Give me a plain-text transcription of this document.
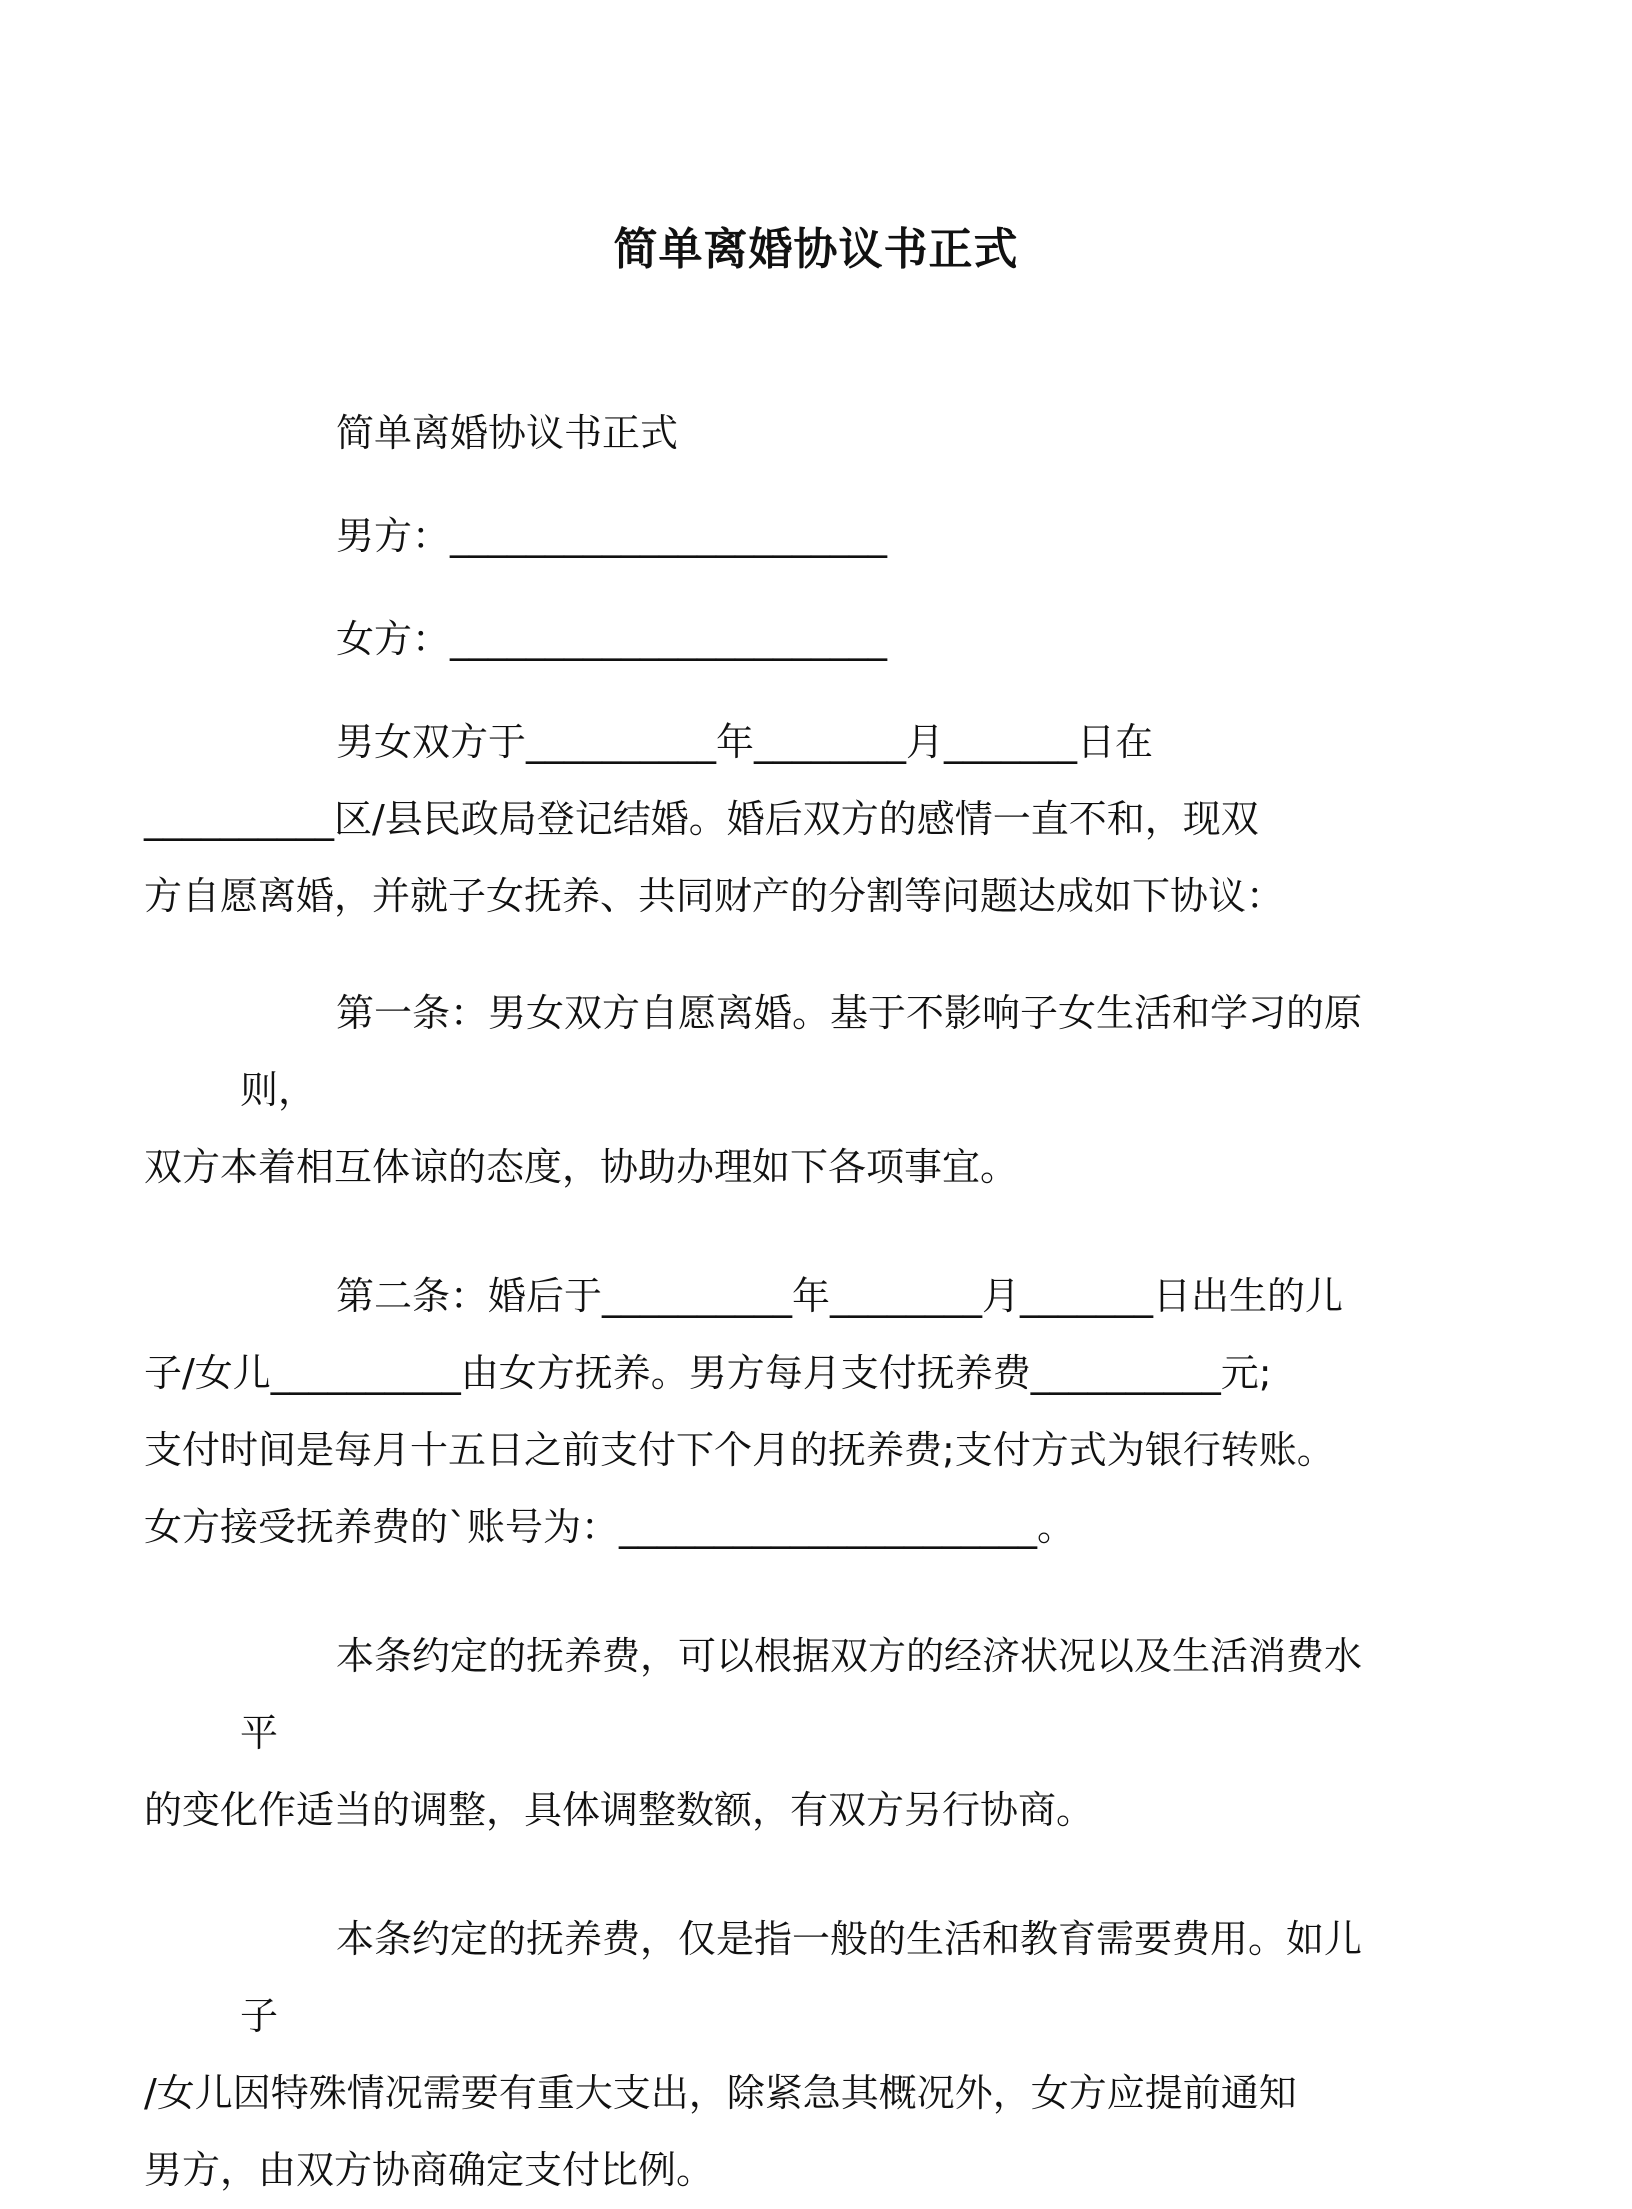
简单离婚协议书正式

简单离婚协议书正式

男方：_______________________

女方：_______________________

男女双方于__________年________月_______日在
__________区/县民政局登记结婚。婚后双方的感情一直不和，现双
方自愿离婚，并就子女抚养、共同财产的分割等问题达成如下协议：

第一条：男女双方自愿离婚。基于不影响子女生活和学习的原则，
双方本着相互体谅的态度，协助办理如下各项事宜。

第二条：婚后于__________年________月_______日出生的儿
子/女儿__________由女方抚养。男方每月支付抚养费__________元;
支付时间是每月十五日之前支付下个月的抚养费;支付方式为银行转账。
女方接受抚养费的`账号为：______________________。

本条约定的抚养费，可以根据双方的经济状况以及生活消费水平
的变化作适当的调整，具体调整数额，有双方另行协商。

本条约定的抚养费，仅是指一般的生活和教育需要费用。如儿子
/女儿因特殊情况需要有重大支出，除紧急其概况外，女方应提前通知
男方，由双方协商确定支付比例。
